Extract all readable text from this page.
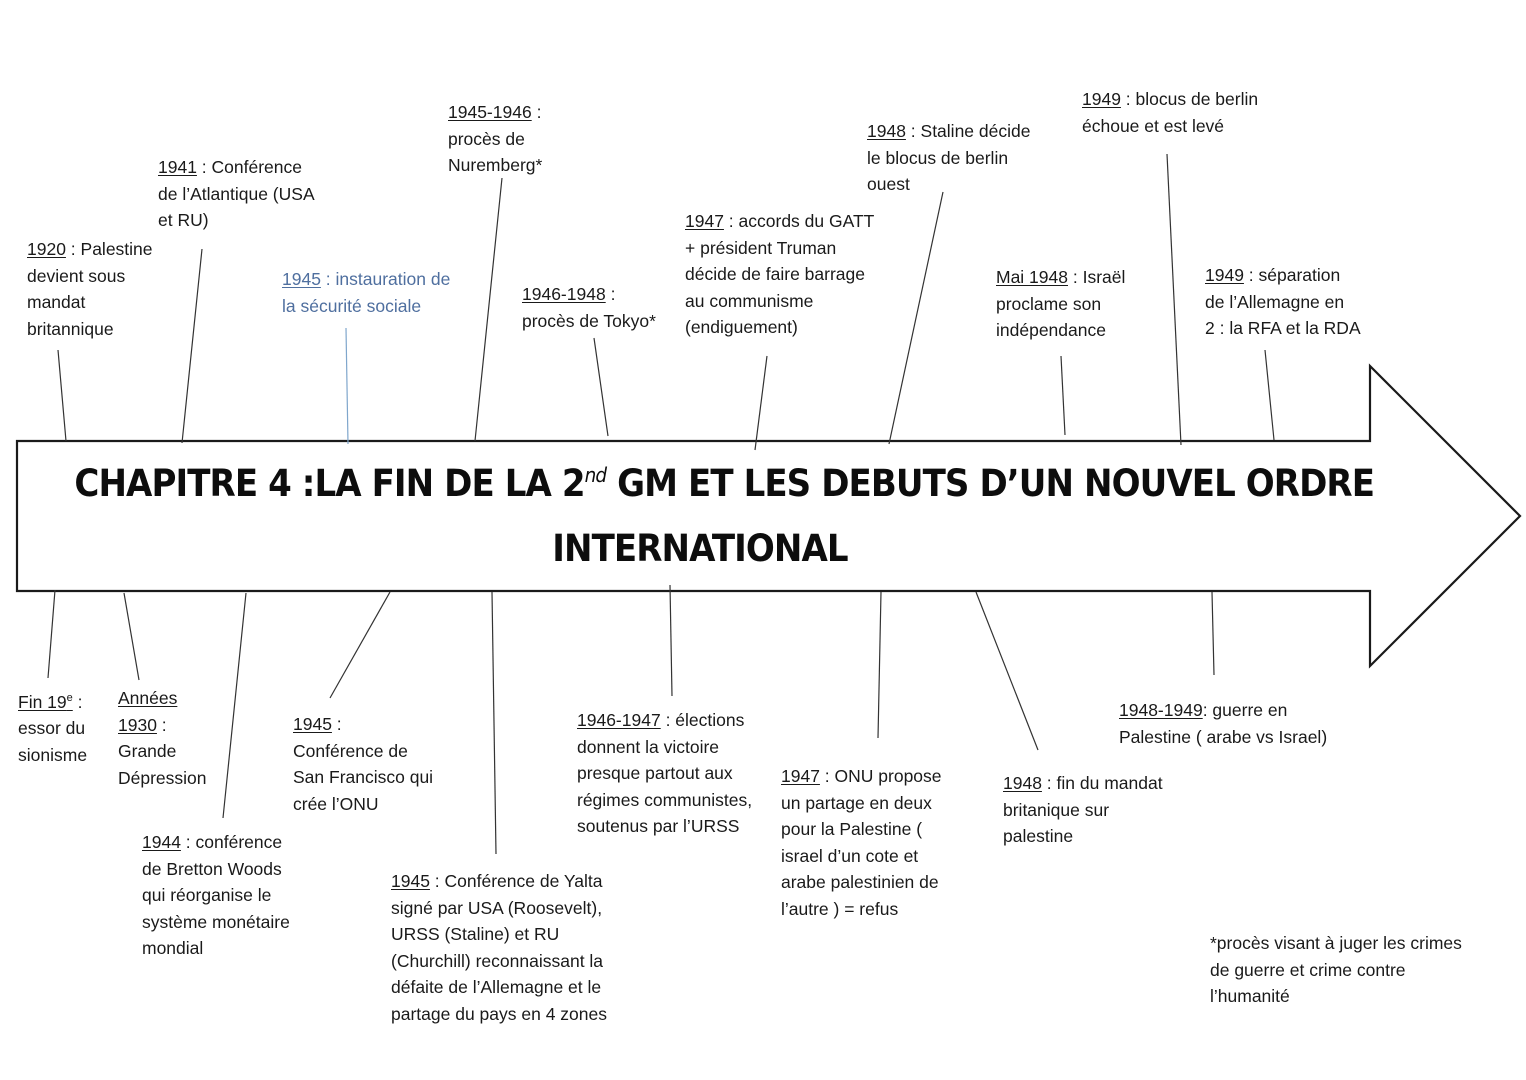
CHAPITRE 4 :LA FIN DE LA 2nd GM ET LES DEBUTS D’UN NOUVEL ORDRE
INTERNATIONAL
1920 : Palestine
devient sous
mandat
britannique
1941 : Conférence
de l’Atlantique (USA
et RU)
1945 : instauration de
la sécurité sociale
1945-1946 :
procès de
Nuremberg*
1946-1948 :
procès de Tokyo*
1947 : accords du GATT
+ président Truman
décide de faire barrage
au communisme
(endiguement)
1948 : Staline décide
le blocus de berlin
ouest
Mai 1948 : Israël
proclame son
indépendance
1949 : blocus de berlin
échoue et est levé
1949 : séparation
de l’Allemagne en
2 : la RFA et la RDA
Fin 19e :
essor du
sionisme
Années
1930 :
Grande
Dépression
1944 : conférence
de Bretton Woods
qui réorganise le
système monétaire
mondial
1945 :
Conférence de
San Francisco qui
crée l’ONU
1945 : Conférence de Yalta
signé par USA (Roosevelt),
URSS (Staline) et RU
(Churchill) reconnaissant la
défaite de l’Allemagne et le
partage du pays en 4 zones
1946-1947 : élections
donnent la victoire
presque partout aux
régimes communistes,
soutenus par l’URSS
1947 : ONU propose
un partage en deux
pour la Palestine (
israel d’un cote et
arabe palestinien de
l’autre ) = refus
1948 : fin du mandat
britanique sur
palestine
1948-1949: guerre en
Palestine ( arabe vs Israel)
*procès visant à juger les crimes
de guerre et crime contre
l’humanité
